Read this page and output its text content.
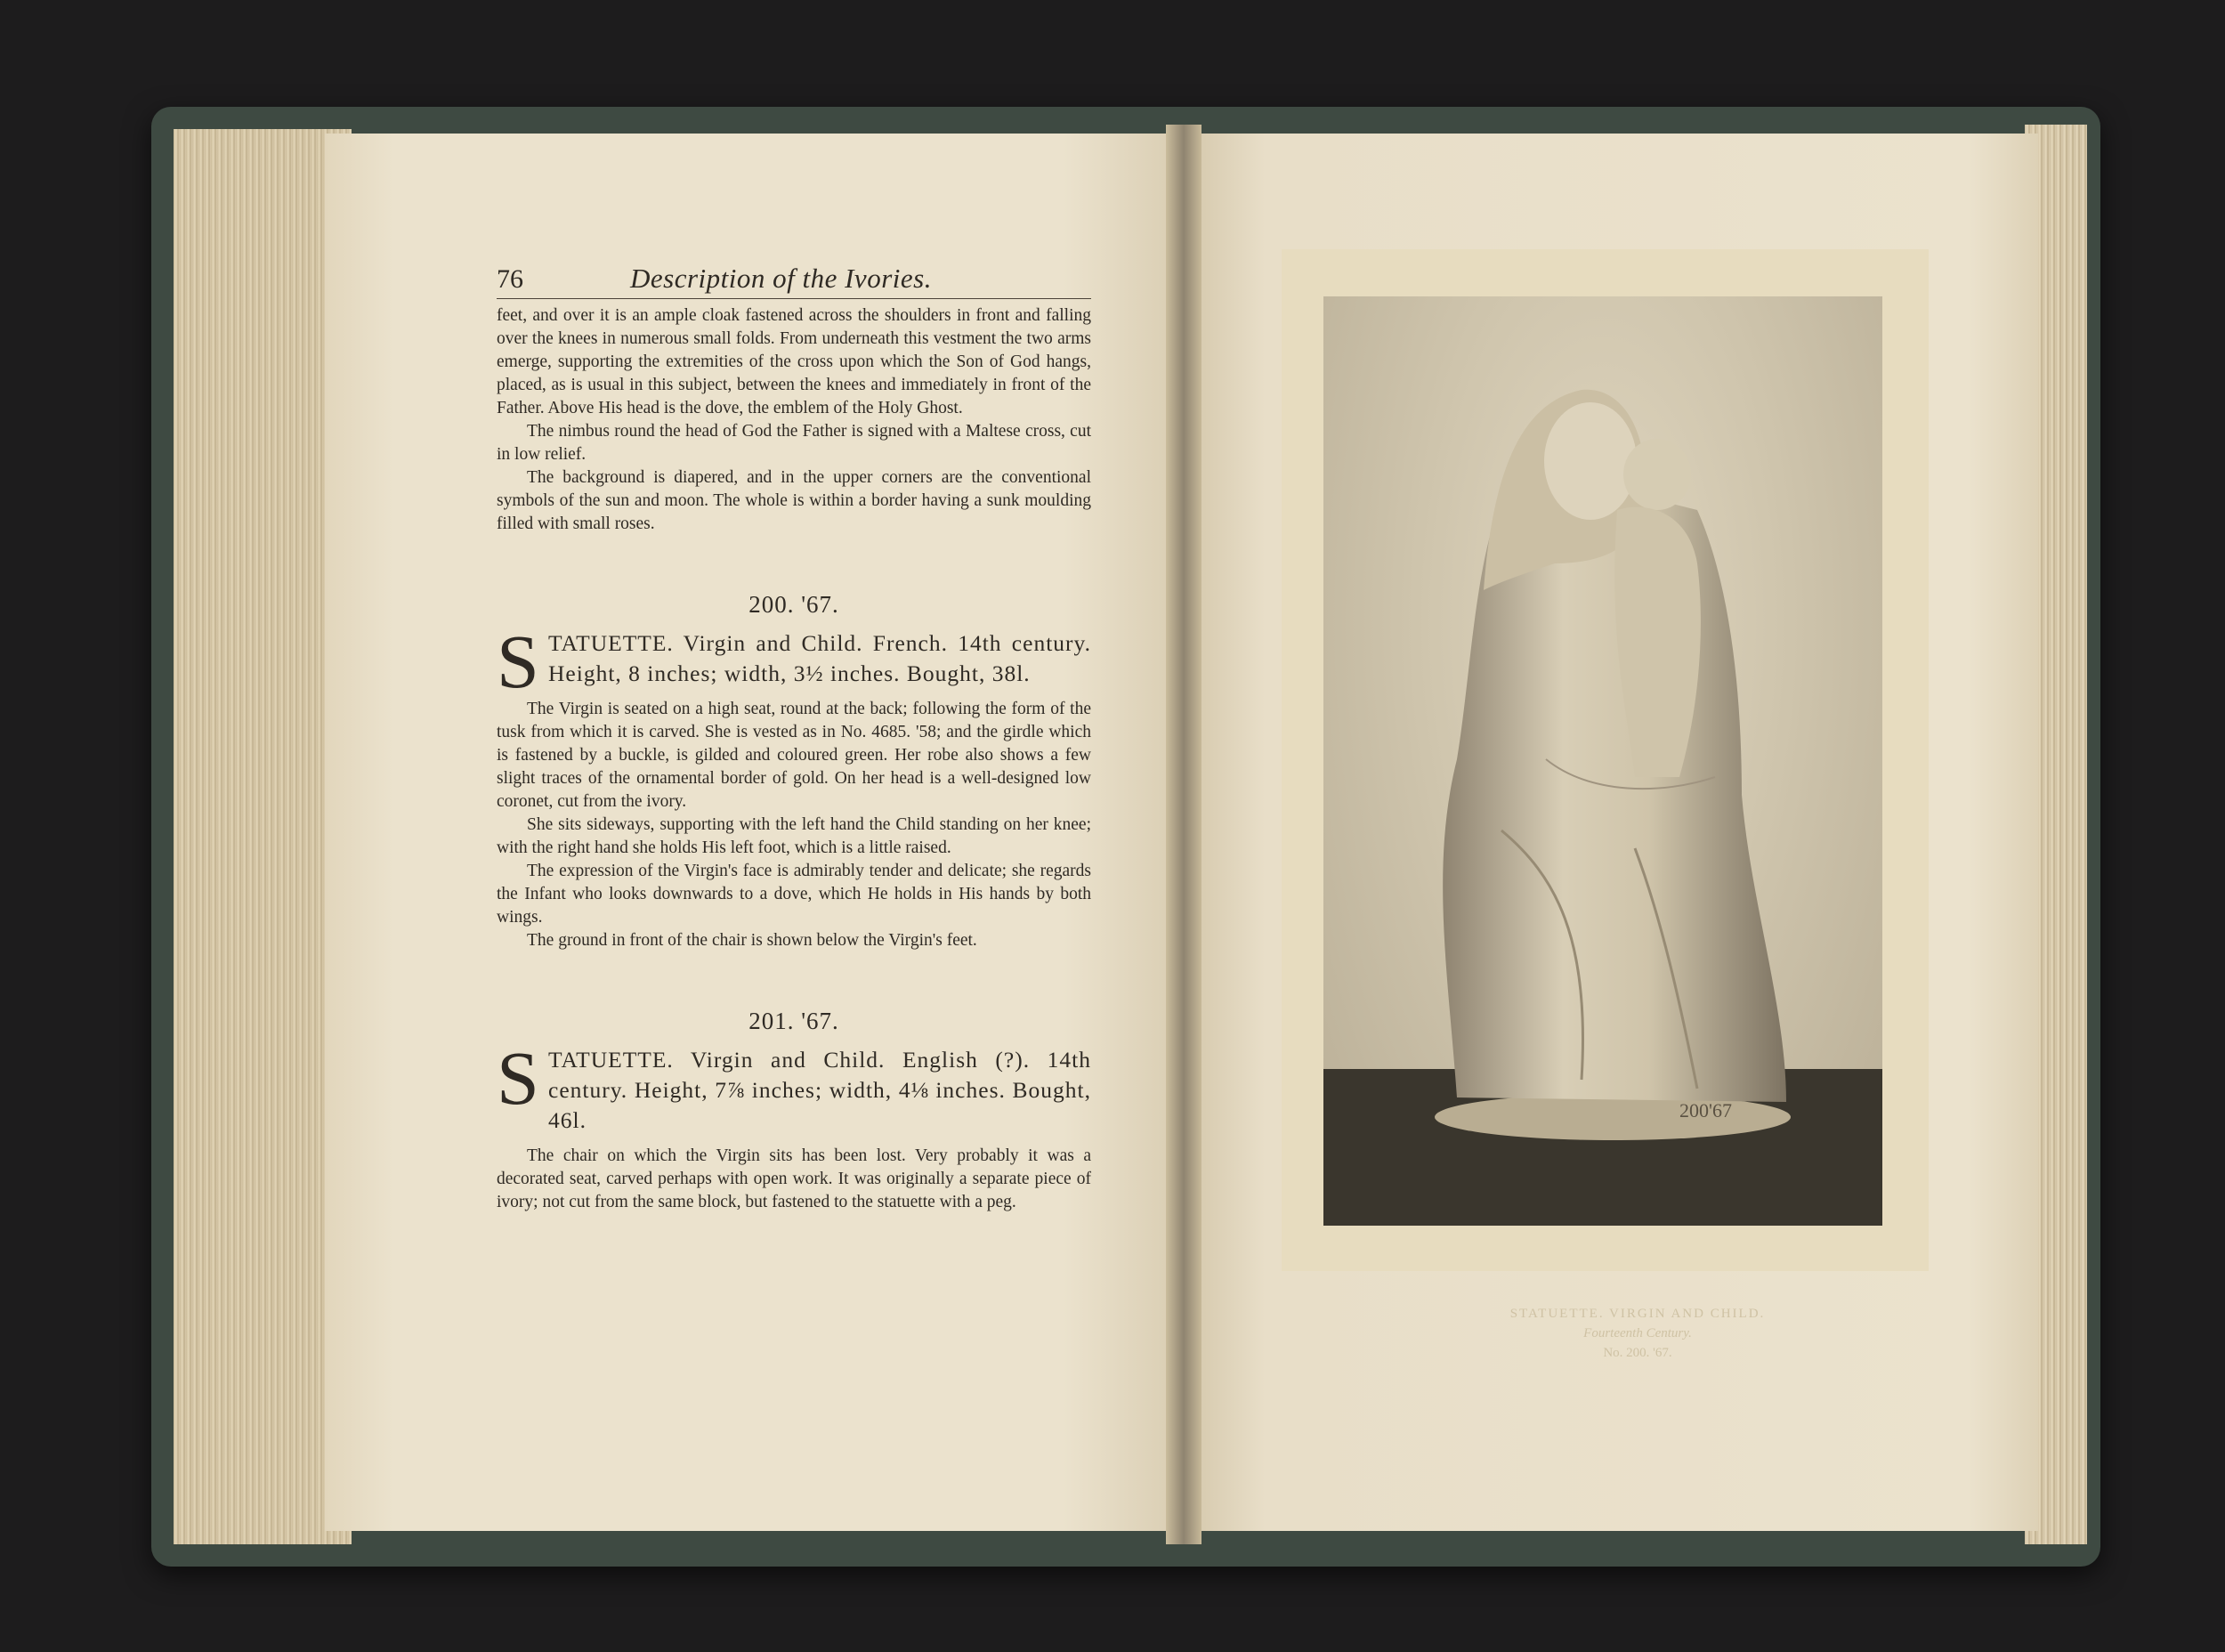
76	Description of the Ivories.

feet, and over it is an ample cloak fastened across the shoulders in front and falling over the knees in numerous small folds. From underneath this vestment the two arms emerge, supporting the extremities of the cross upon which the Son of God hangs, placed, as is usual in this subject, between the knees and immediately in front of the Father. Above His head is the dove, the emblem of the Holy Ghost.

The nimbus round the head of God the Father is signed with a Maltese cross, cut in low relief.

The background is diapered, and in the upper corners are the conventional symbols of the sun and moon. The whole is within a border having a sunk moulding filled with small roses.

200. '67.
S TATUETTE. Virgin and Child. French. 14th century. Height, 8 inches; width, 3½ inches. Bought, 38l.

The Virgin is seated on a high seat, round at the back; following the form of the tusk from which it is carved. She is vested as in No. 4685. '58; and the girdle which is fastened by a buckle, is gilded and coloured green. Her robe also shows a few slight traces of the ornamental border of gold. On her head is a well-designed low coronet, cut from the ivory.

She sits sideways, supporting with the left hand the Child standing on her knee; with the right hand she holds His left foot, which is a little raised.

The expression of the Virgin's face is admirably tender and delicate; she regards the Infant who looks downwards to a dove, which He holds in His hands by both wings.

The ground in front of the chair is shown below the Virgin's feet.

201. '67.
S TATUETTE. Virgin and Child. English (?). 14th century. Height, 7⅞ inches; width, 4⅛ inches. Bought, 46l.

The chair on which the Virgin sits has been lost. Very probably it was a decorated seat, carved perhaps with open work. It was originally a separate piece of ivory; not cut from the same block, but fastened to the statuette with a peg.

200'67
STATUETTE. VIRGIN AND CHILD.
Fourteenth Century.
No. 200. '67.
